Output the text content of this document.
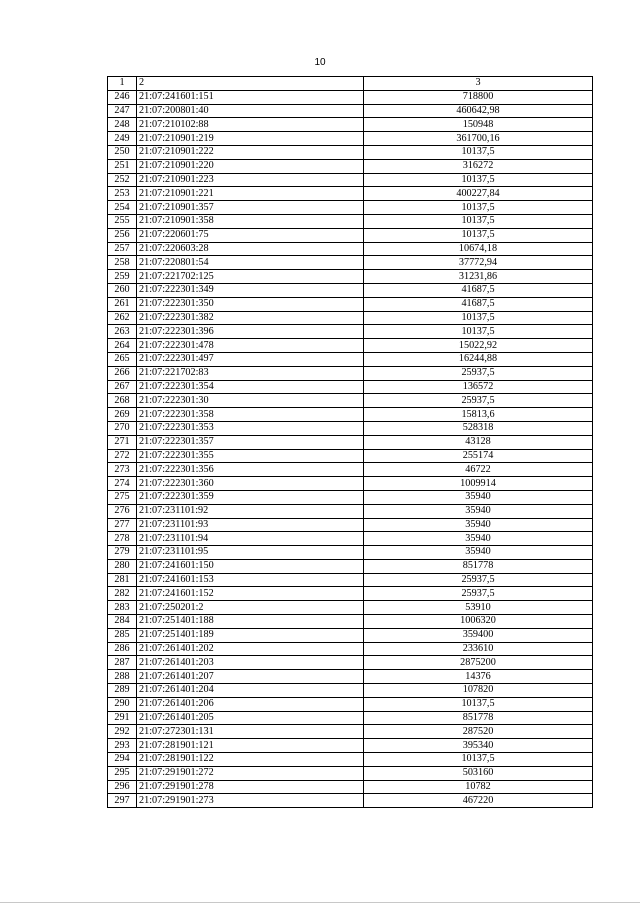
10
1	2	3
246	21:07:241601:151	718800
247	21:07:200801:40	460642,98
248	21:07:210102:88	150948
249	21:07:210901:219	361700,16
250	21:07:210901:222	10137,5
251	21:07:210901:220	316272
252	21:07:210901:223	10137,5
253	21:07:210901:221	400227,84
254	21:07:210901:357	10137,5
255	21:07:210901:358	10137,5
256	21:07:220601:75	10137,5
257	21:07:220603:28	10674,18
258	21:07:220801:54	37772,94
259	21:07:221702:125	31231,86
260	21:07:222301:349	41687,5
261	21:07:222301:350	41687,5
262	21:07:222301:382	10137,5
263	21:07:222301:396	10137,5
264	21:07:222301:478	15022,92
265	21:07:222301:497	16244,88
266	21:07:221702:83	25937,5
267	21:07:222301:354	136572
268	21:07:222301:30	25937,5
269	21:07:222301:358	15813,6
270	21:07:222301:353	528318
271	21:07:222301:357	43128
272	21:07:222301:355	255174
273	21:07:222301:356	46722
274	21:07:222301:360	1009914
275	21:07:222301:359	35940
276	21:07:231101:92	35940
277	21:07:231101:93	35940
278	21:07:231101:94	35940
279	21:07:231101:95	35940
280	21:07:241601:150	851778
281	21:07:241601:153	25937,5
282	21:07:241601:152	25937,5
283	21:07:250201:2	53910
284	21:07:251401:188	1006320
285	21:07:251401:189	359400
286	21:07:261401:202	233610
287	21:07:261401:203	2875200
288	21:07:261401:207	14376
289	21:07:261401:204	107820
290	21:07:261401:206	10137,5
291	21:07:261401:205	851778
292	21:07:272301:131	287520
293	21:07:281901:121	395340
294	21:07:281901:122	10137,5
295	21:07:291901:272	503160
296	21:07:291901:278	10782
297	21:07:291901:273	467220
